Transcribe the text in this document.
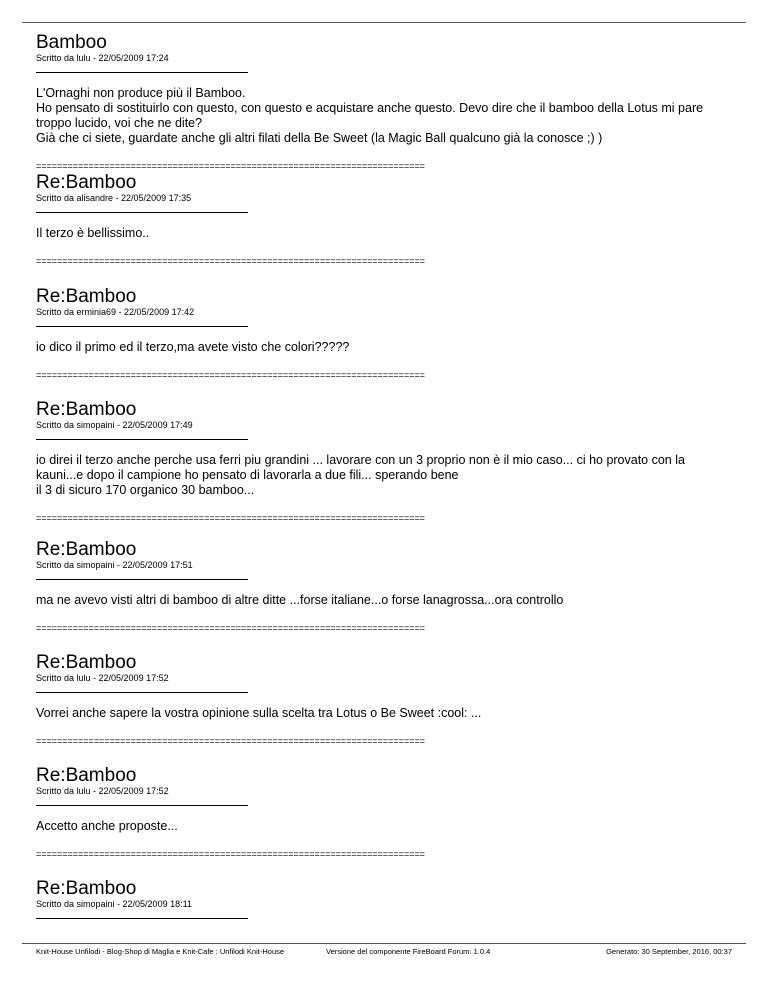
Bamboo
Scritto da lulu - 22/05/2009 17:24
L'Ornaghi non produce più il Bamboo.
Ho pensato di sostituirlo con questo, con questo e acquistare anche questo. Devo dire che il bamboo della Lotus mi pare
troppo lucido, voi che ne dite?
Già che ci siete, guardate anche gli altri filati della Be Sweet (la Magic Ball qualcuno già la conosce ;) )
==========================================================================
Re:Bamboo
Scritto da alisandre - 22/05/2009 17:35
Il terzo è bellissimo..
==========================================================================
Re:Bamboo
Scritto da erminia69 - 22/05/2009 17:42
io dico il primo ed il terzo,ma avete visto che colori?????
==========================================================================
Re:Bamboo
Scritto da simopaini - 22/05/2009 17:49
io direi il terzo anche perche usa ferri piu grandini ... lavorare con un 3 proprio non è il mio caso... ci ho provato con la
kauni...e dopo il campione ho pensato di lavorarla a due fili... sperando bene
il 3 di sicuro 170 organico 30 bamboo...
==========================================================================
Re:Bamboo
Scritto da simopaini - 22/05/2009 17:51
ma ne avevo visti altri di bamboo di altre ditte ...forse italiane...o forse lanagrossa...ora controllo
==========================================================================
Re:Bamboo
Scritto da lulu - 22/05/2009 17:52
Vorrei anche sapere la vostra opinione sulla scelta tra Lotus o Be Sweet :cool: ...
==========================================================================
Re:Bamboo
Scritto da lulu - 22/05/2009 17:52
Accetto anche proposte...
==========================================================================
Re:Bamboo
Scritto da simopaini - 22/05/2009 18:11
Knit-House Unfilodi - Blog-Shop di Maglia e Knit-Cafe : Unfilodi Knit-House	Versione del componente FireBoard Forum: 1.0.4	Generato: 30 September, 2016, 00:37
